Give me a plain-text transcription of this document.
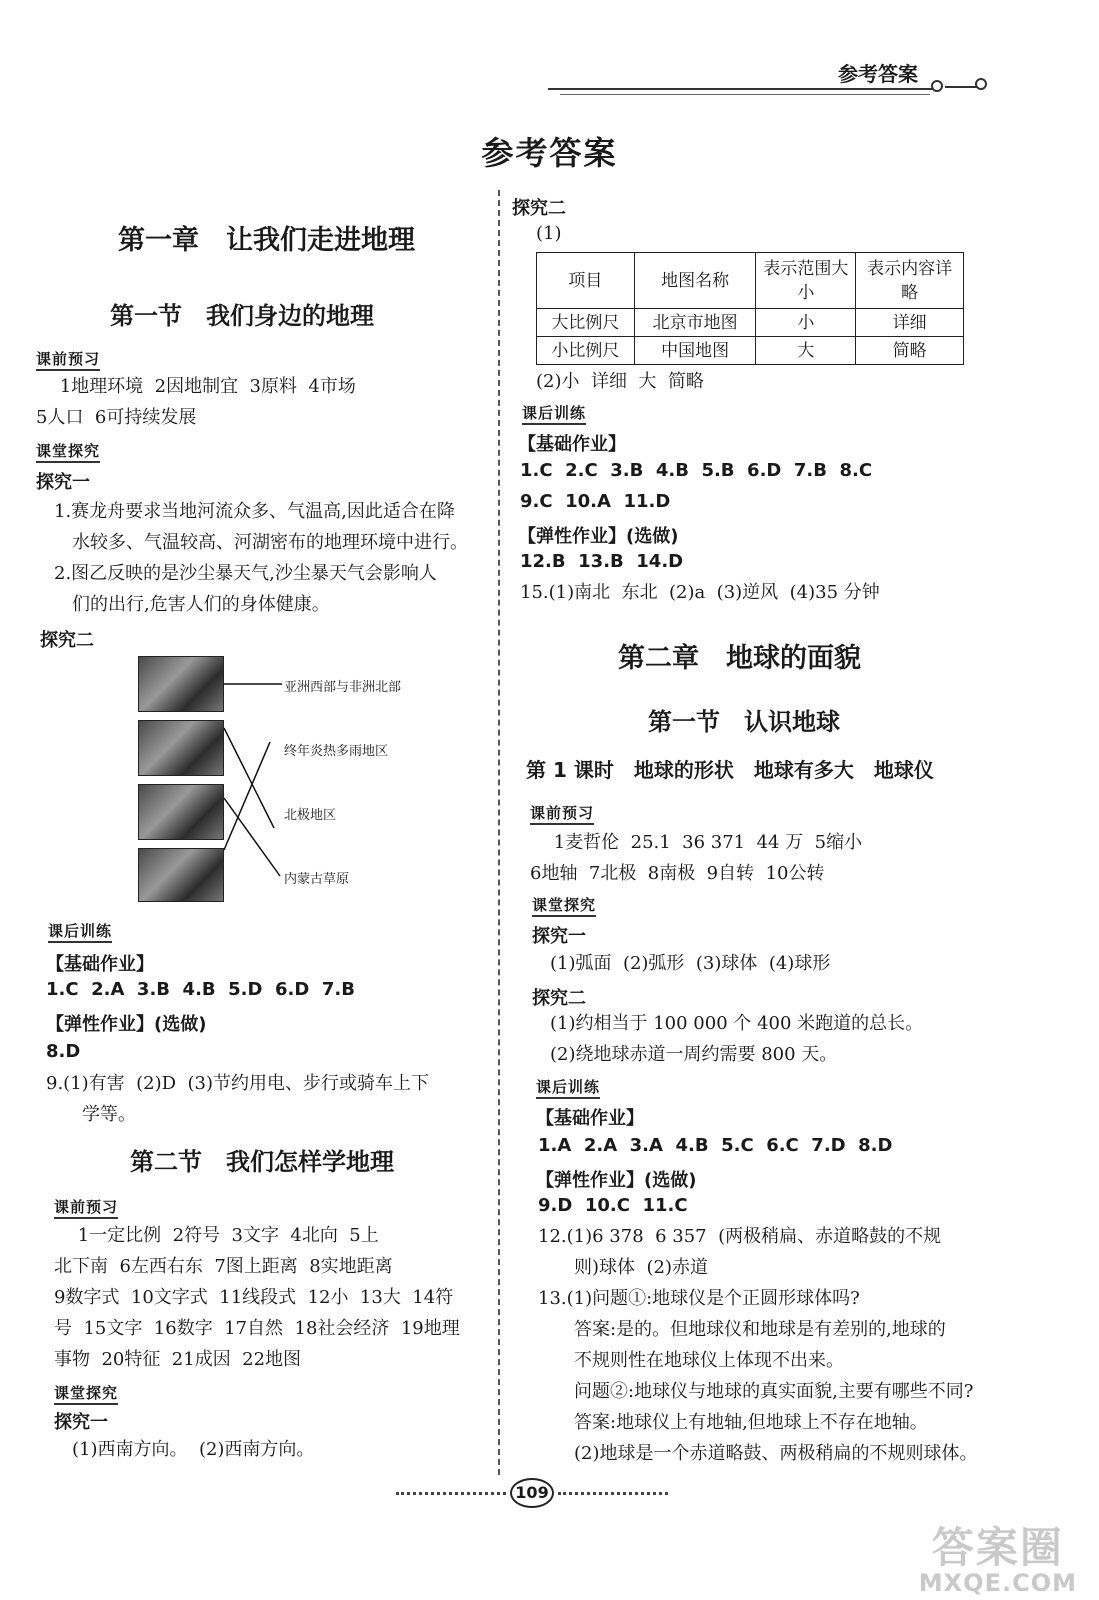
参考答案
参考答案
第一章　让我们走进地理
第一节　我们身边的地理
课前预习
　 1地理环境  2因地制宜  3原料  4市场
5人口  6可持续发展
课堂探究
探究一
　1.赛龙舟要求当地河流众多、气温高,因此适合在降
　　水较多、气温较高、河湖密布的地理环境中进行。
　2.图乙反映的是沙尘暴天气,沙尘暴天气会影响人
　　们的出行,危害人们的身体健康。
探究二
亚洲西部与非洲北部
终年炎热多雨地区
北极地区
内蒙古草原
课后训练
【基础作业】
1.C  2.A  3.B  4.B  5.D  6.D  7.B
【弹性作业】(选做)
8.D
9.(1)有害  (2)D  (3)节约用电、步行或骑车上下
　　学等。
第二节　我们怎样学地理
课前预习
　 1一定比例  2符号  3文字  4北向  5上
北下南  6左西右东  7图上距离  8实地距离
9数字式  10文字式  11线段式  12小  13大  14符
号  15文字  16数字  17自然  18社会经济  19地理
事物  20特征  21成因  22地图
课堂探究
探究一
　(1)西南方向。  (2)西南方向。
探究二
(1)
项目	地图名称	表示范围大小	表示内容详略
大比例尺	北京市地图	小	详细
小比例尺	中国地图	大	简略
(2)小  详细  大  简略
课后训练
【基础作业】
1.C  2.C  3.B  4.B  5.B  6.D  7.B  8.C
9.C  10.A  11.D
【弹性作业】(选做)
12.B  13.B  14.D
15.(1)南北  东北  (2)a  (3)逆风  (4)35 分钟
第二章　地球的面貌
第一节　认识地球
第 1 课时　地球的形状　地球有多大　地球仪
课前预习
　 1麦哲伦  25.1  36 371  44 万  5缩小
6地轴  7北极  8南极  9自转  10公转
课堂探究
探究一
　(1)弧面  (2)弧形  (3)球体  (4)球形
探究二
　(1)约相当于 100 000 个 400 米跑道的总长。
　(2)绕地球赤道一周约需要 800 天。
课后训练
【基础作业】
1.A  2.A  3.A  4.B  5.C  6.C  7.D  8.D
【弹性作业】(选做)
9.D  10.C  11.C
12.(1)6 378  6 357  (两极稍扁、赤道略鼓的不规
　　则)球体  (2)赤道
13.(1)问题①:地球仪是个正圆形球体吗?
　　答案:是的。但地球仪和地球是有差别的,地球的
　　不规则性在地球仪上体现不出来。
　　问题②:地球仪与地球的真实面貌,主要有哪些不同?
　　答案:地球仪上有地轴,但地球上不存在地轴。
　　(2)地球是一个赤道略鼓、两极稍扁的不规则球体。
109
答案圈
MXQE.COM
